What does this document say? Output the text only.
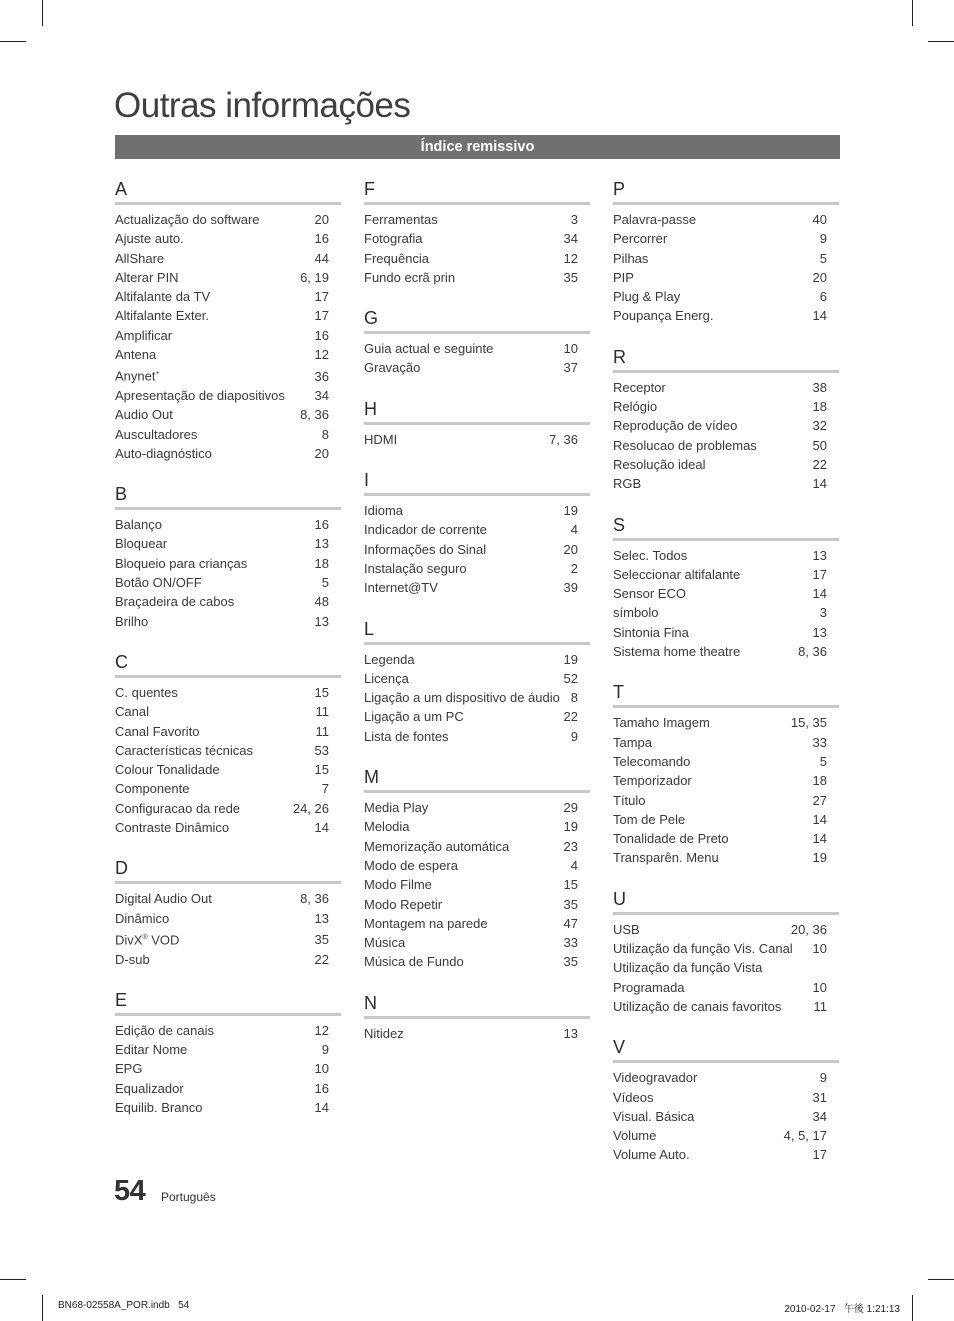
Outras informações
Índice remissivo
A
Actualização do software	20
Ajuste auto.	16
AllShare	44
Alterar PIN	6, 19
Altifalante da TV	17
Altifalante Exter.	17
Amplificar	16
Antena	12
Anynet+	36
Apresentação de diapositivos	34
Audio Out	8, 36
Auscultadores	8
Auto-diagnóstico	20
B
Balanço	16
Bloquear	13
Bloqueio para crianças	18
Botão ON/OFF	5
Braçadeira de cabos	48
Brilho	13
C
C. quentes	15
Canal	11
Canal Favorito	11
Características técnicas	53
Colour Tonalidade	15
Componente	7
Configuracao da rede	24, 26
Contraste Dinâmico	14
D
Digital Audio Out	8, 36
Dinâmico	13
DivX® VOD	35
D-sub	22
E
Edição de canais	12
Editar Nome	9
EPG	10
Equalizador	16
Equilib. Branco	14
F
Ferramentas	3
Fotografia	34
Frequência	12
Fundo ecrã prin	35
G
Guia actual e seguinte	10
Gravação	37
H
HDMI	7, 36
I
Idioma	19
Indicador de corrente	4
Informações do Sinal	20
Instalação seguro	2
Internet@TV	39
L
Legenda	19
Licença	52
Ligação a um dispositivo de áudio 8
Ligação a um PC	22
Lista de fontes	9
M
Media Play	29
Melodia	19
Memorização automática	23
Modo de espera	4
Modo Filme	15
Modo Repetir	35
Montagem na parede	47
Música	33
Música de Fundo	35
N
Nitidez	13
P
Palavra-passe	40
Percorrer	9
Pilhas	5
PIP	20
Plug & Play	6
Poupança Energ.	14
R
Receptor	38
Relógio	18
Reprodução de vídeo	32
Resolucao de problemas	50
Resolução ideal	22
RGB	14
S
Selec. Todos	13
Seleccionar altifalante	17
Sensor ECO	14
símbolo	3
Sintonia Fina	13
Sistema home theatre	8, 36
T
Tamaho Imagem	15, 35
Tampa	33
Telecomando	5
Temporizador	18
Título	27
Tom de Pele	14
Tonalidade de Preto	14
Transparên. Menu	19
U
USB	20, 36
Utilização da função Vis. Canal	10
Utilização da função Vista
Programada	10
Utilização de canais favoritos	11
V
Videogravador	9
Vídeos	31
Visual. Básica	34
Volume	4, 5, 17
Volume Auto.	17
54 Português
BN68-02558A_POR.indb   54	2010-02-17   午後 1:21:13
